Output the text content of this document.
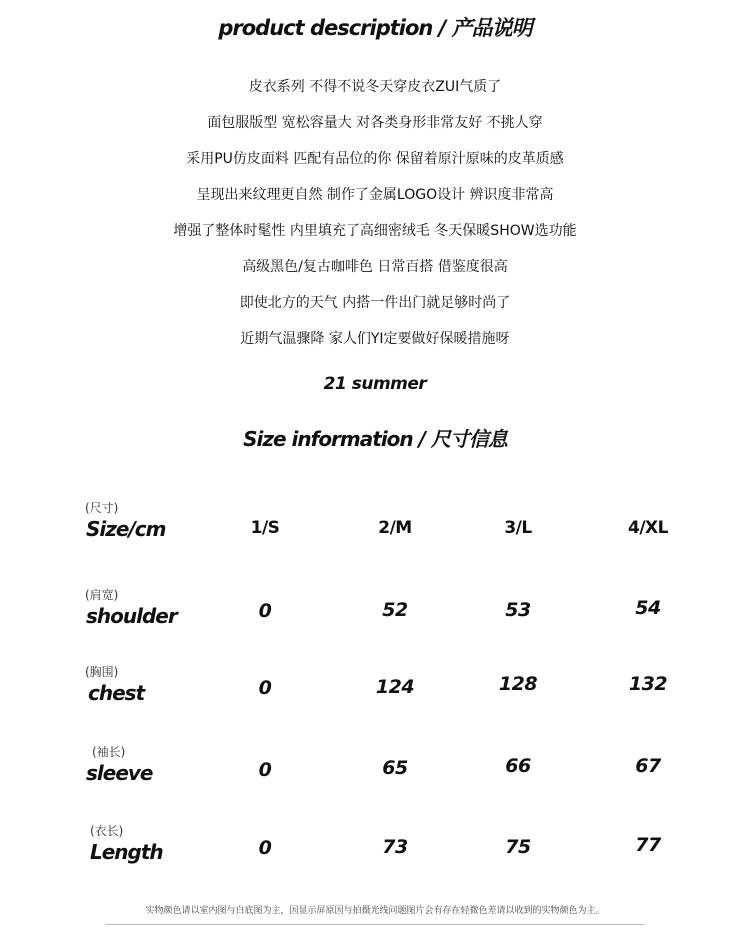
product description / 产品说明
皮衣系列 不得不说冬天穿皮衣ZUI气质了
面包服版型 宽松容量大 对各类身形非常友好 不挑人穿
采用PU仿皮面料 匹配有品位的你 保留着原汁原味的皮革质感
呈现出来纹理更自然 制作了金属LOGO设计 辨识度非常高
增强了整体时髦性 内里填充了高细密绒毛 冬天保暖SHOW选功能
高级黑色/复古咖啡色 日常百搭 借鉴度很高
即使北方的天气 内搭一件出门就足够时尚了
近期气温骤降 家人们YI定要做好保暖措施呀
21 summer
Size information / 尺寸信息
(尺寸)
Size/cm	1/S	2/M	3/L	4/XL
(肩宽)
shoulder	0	52	53	54
(胸围)
chest	0	124	128	132
(袖长)
sleeve	0	65	66	67
(衣长)
Length	0	73	75	77
实物颜色请以室内图与白底图为主，因显示屏原因与拍摄光线问题图片会有存在轻微色差请以收到的实物颜色为主。
